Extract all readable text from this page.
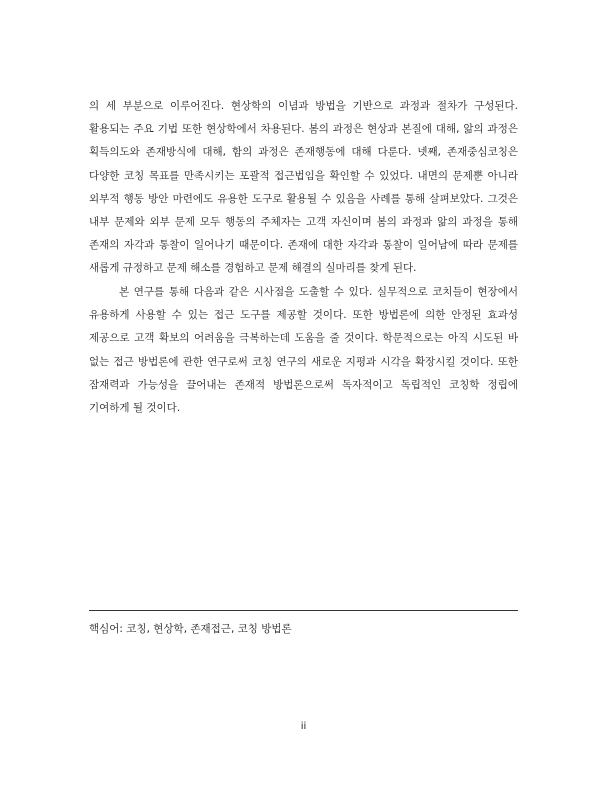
의 세 부분으로 이루어진다. 현상학의 이념과 방법을 기반으로 과정과 절차가 구성된다. 활용되는 주요 기법 또한 현상학에서 차용된다. 봄의 과정은 현상과 본질에 대해, 앎의 과정은 획득의도와 존재방식에 대해, 함의 과정은 존재행동에 대해 다룬다. 넷째, 존재중심코칭은 다양한 코칭 목표를 만족시키는 포괄적 접근법임을 확인할 수 있었다. 내면의 문제뿐 아니라 외부적 행동 방안 마련에도 유용한 도구로 활용될 수 있음을 사례를 통해 살펴보았다. 그것은 내부 문제와 외부 문제 모두 행동의 주체자는 고객 자신이며 봄의 과정과 앎의 과정을 통해 존재의 자각과 통찰이 일어나기 때문이다. 존재에 대한 자각과 통찰이 일어남에 따라 문제를 새롭게 규정하고 문제 해소를 경험하고 문제 해결의 실마리를 찾게 된다.

본 연구를 통해 다음과 같은 시사점을 도출할 수 있다. 실무적으로 코치들이 현장에서 유용하게 사용할 수 있는 접근 도구를 제공할 것이다. 또한 방법론에 의한 안정된 효과성 제공으로 고객 확보의 어려움을 극복하는데 도움을 줄 것이다. 학문적으로는 아직 시도된 바 없는 접근 방법론에 관한 연구로써 코칭 연구의 새로운 지평과 시각을 확장시킬 것이다. 또한 잠재력과 가능성을 끌어내는 존재적 방법론으로써 독자적이고 독립적인 코칭학 정립에 기여하게 될 것이다.

핵심어: 코칭, 현상학, 존재접근, 코칭 방법론

ii
